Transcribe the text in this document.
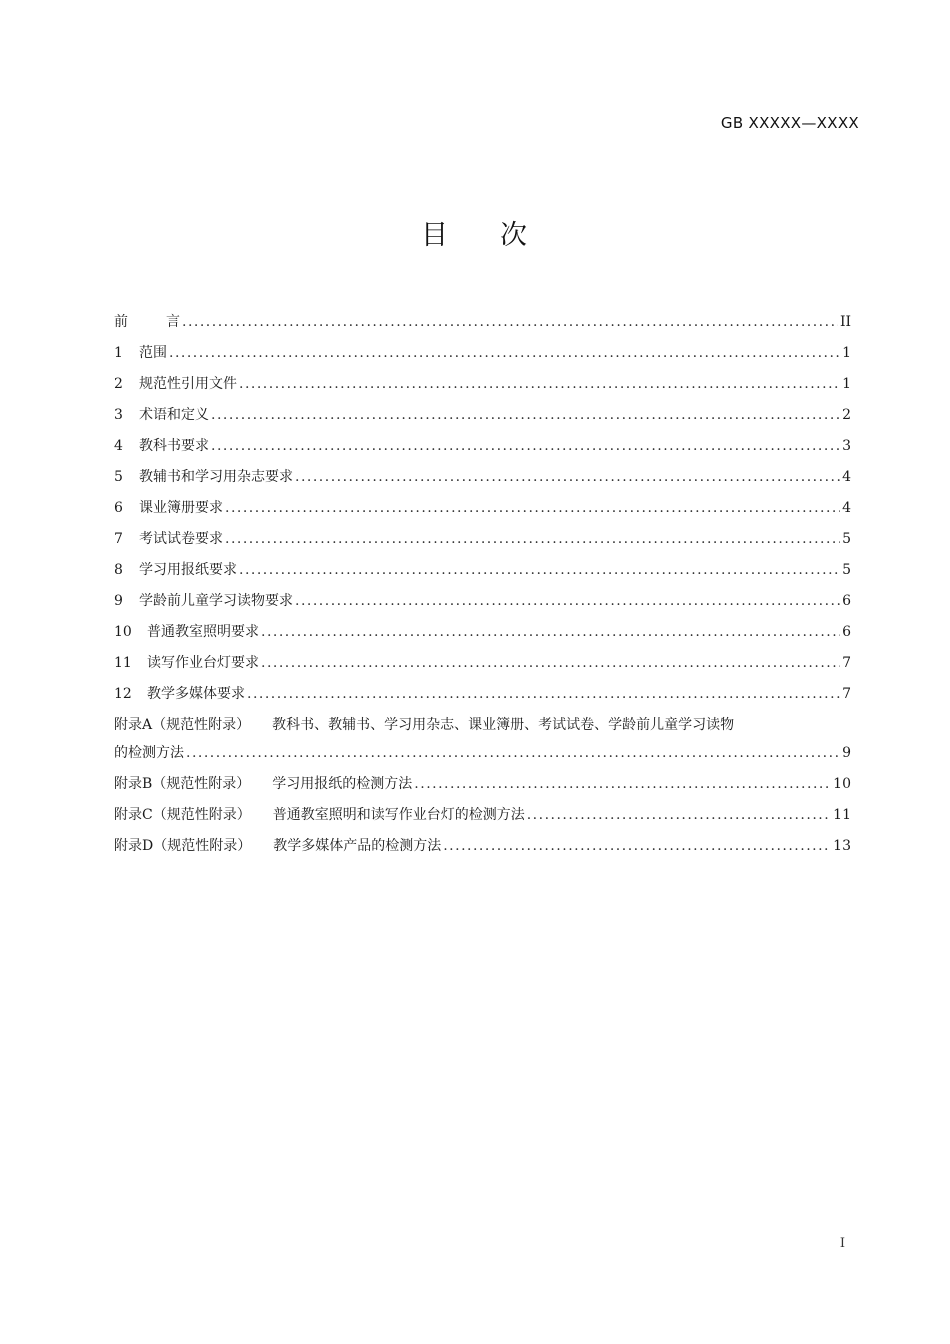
GB XXXXX—XXXX
目 次
前	言 .....	II
1	范围 .....	1
2	规范性引用文件 .....	1
3	术语和定义 .....	2
4	教科书要求 .....	3
5	教辅书和学习用杂志要求 .....	4
6	课业簿册要求 .....	4
7	考试试卷要求 .....	5
8	学习用报纸要求 .....	5
9	学龄前儿童学习读物要求 .....	6
10	普通教室照明要求 .....	6
11	读写作业台灯要求 .....	7
12	教学多媒体要求 .....	7
附录A（规范性附录）	教科书、教辅书、学习用杂志、课业簿册、考试试卷、学龄前儿童学习读物
的检测方法 .....	9
附录B（规范性附录）	学习用报纸的检测方法 .....	10
附录C（规范性附录）	普通教室照明和读写作业台灯的检测方法 .....	11
附录D（规范性附录）	教学多媒体产品的检测方法 .....	13
I
